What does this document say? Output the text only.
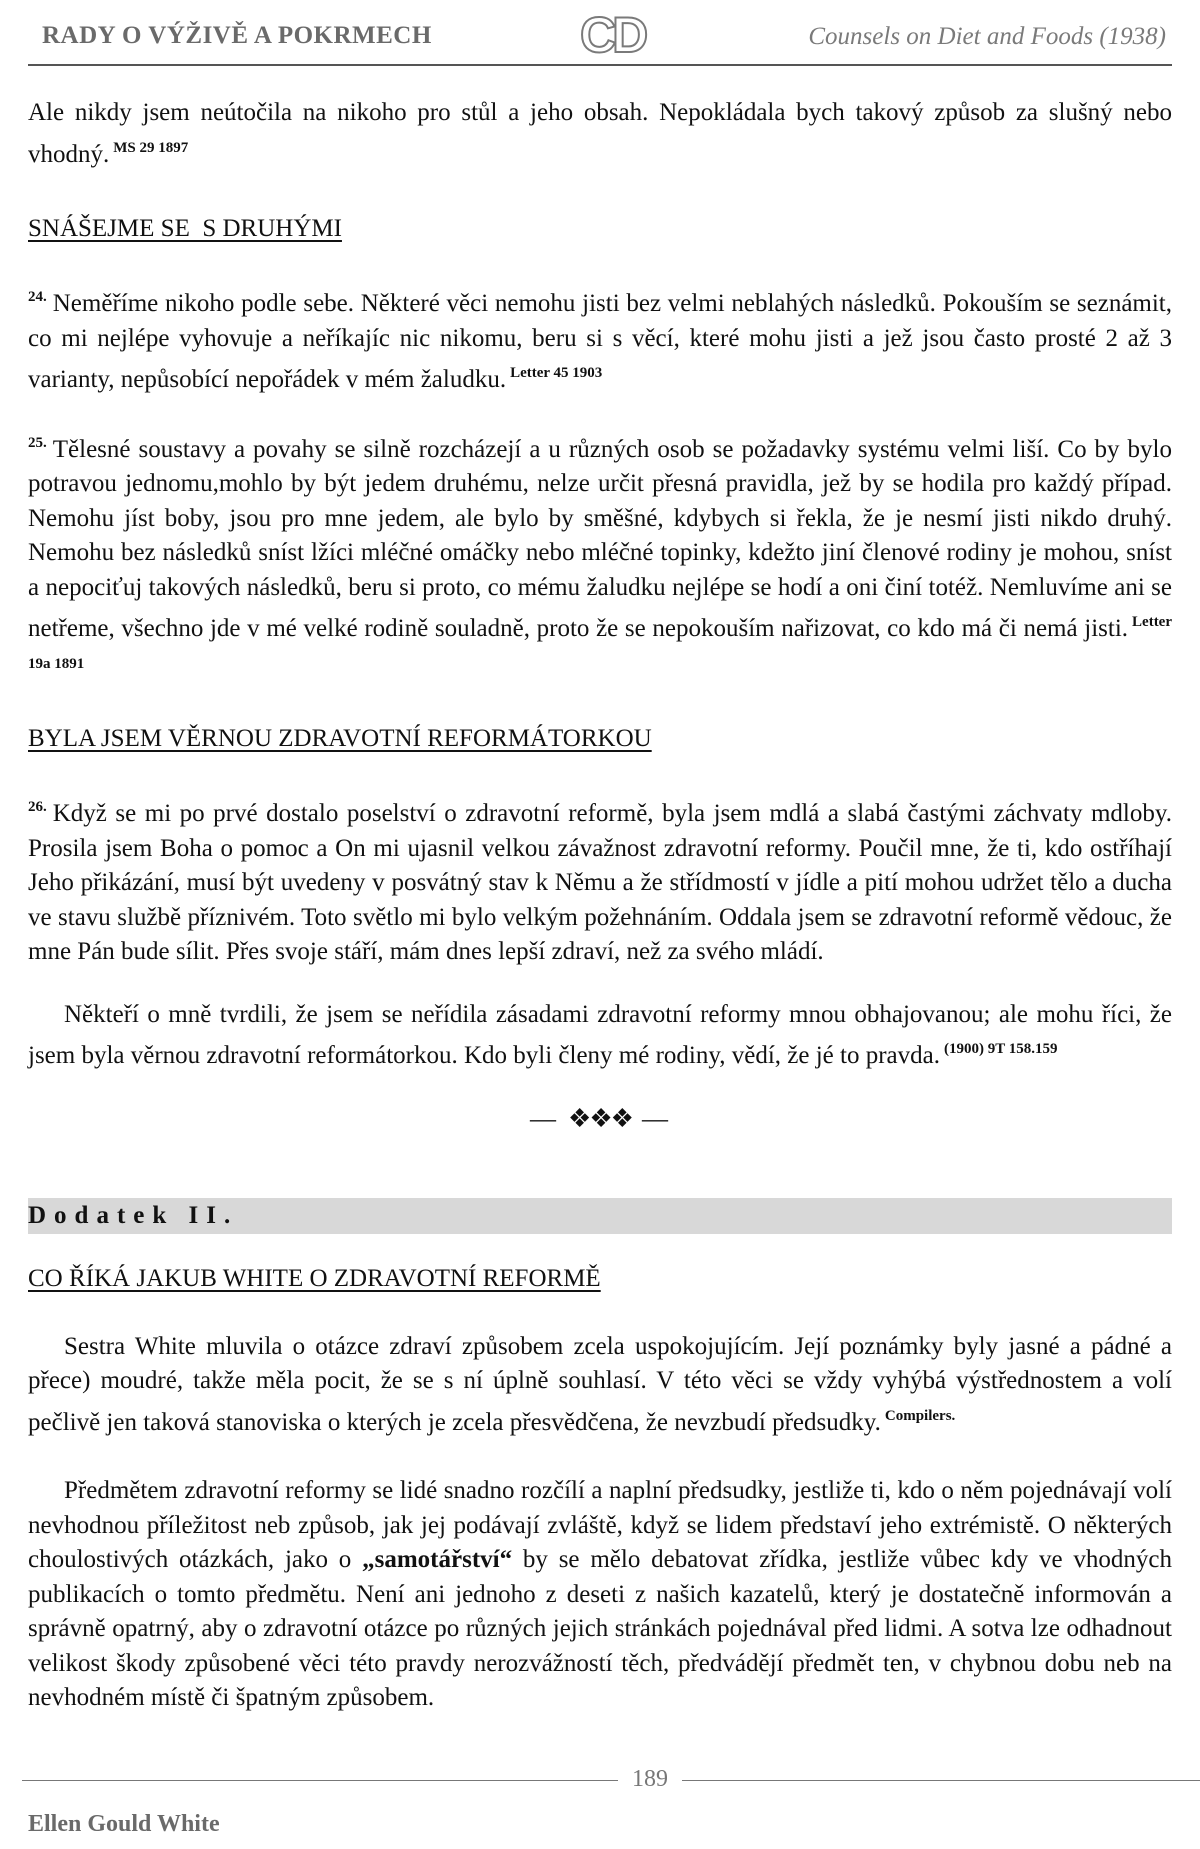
RADY O VÝŽIVĚ A POKRMECH	CD	Counsels on Diet and Foods (1938)

Ale nikdy jsem neútočila na nikoho pro stůl a jeho obsah. Nepokládala bych takový způsob za slušný nebo vhodný. $^{MS 29 1897}$

SNÁŠEJME SE  S DRUHÝMI

$^{24.}$ Neměříme nikoho podle sebe. Některé věci nemohu jisti bez velmi neblahých následků. Pokouším se seznámit, co mi nejlépe vyhovuje a neříkajíc nic nikomu, beru si s věcí, které mohu jisti a jež jsou často prosté 2 až 3 varianty, nepůsobící nepořádek v mém žaludku. $^{Letter 45 1903}$

$^{25.}$ Tělesné soustavy a povahy se silně rozcházejí a u různých osob se požadavky systému velmi liší. Co by bylo potravou jednomu,mohlo by být jedem druhému, nelze určit přesná pravidla, jež by se hodila pro každý případ. Nemohu jíst boby, jsou pro mne jedem, ale bylo by směšné, kdybych si řekla, že je nesmí jisti nikdo druhý. Nemohu bez následků sníst lžíci mléčné omáčky nebo mléčné topinky, kdežto jiní členové rodiny je mohou, sníst a nepociťuj takových následků, beru si proto, co mému žaludku nejlépe se hodí a oni činí totéž. Nemluvíme ani se netřeme, všechno jde v mé velké rodině souladně, proto že se nepokouším nařizovat, co kdo má či nemá jisti. $^{Letter 19a 1891}$

BYLA JSEM VĚRNOU ZDRAVOTNÍ REFORMÁTORKOU

$^{26.}$ Když se mi po prvé dostalo poselství o zdravotní reformě, byla jsem mdlá a slabá častými záchvaty mdloby. Prosila jsem Boha o pomoc a On mi ujasnil velkou závažnost zdravotní reformy. Poučil mne, že ti, kdo ostříhají Jeho přikázání, musí být uvedeny v posvátný stav k Němu a že střídmostí v jídle a pití mohou udržet tělo a ducha ve stavu službě příznivém. Toto světlo mi bylo velkým požehnáním. Oddala jsem se zdravotní reformě vědouc, že mne Pán bude sílit. Přes svoje stáří, mám dnes lepší zdraví, než za svého mládí.

Někteří o mně tvrdili, že jsem se neřídila zásadami zdravotní reformy mnou obhajovanou; ale mohu říci, že jsem byla věrnou zdravotní reformátorkou. Kdo byli členy mé rodiny, vědí, že jé to pravda. $^{(1900) 9T 158.159}$

— ❖❖❖ —
Dodatek II.

CO ŘÍKÁ JAKUB WHITE O ZDRAVOTNÍ REFORMĚ

Sestra White mluvila o otázce zdraví způsobem zcela uspokojujícím. Její poznámky byly jasné a pádné a přece) moudré, takže měla pocit, že se s ní úplně souhlasí. V této věci se vždy vyhýbá výstřednostem a volí pečlivě jen taková stanoviska o kterých je zcela přesvědčena, že nevzbudí předsudky. $^{Compilers.}$

Předmětem zdravotní reformy se lidé snadno rozčílí a naplní předsudky, jestliže ti, kdo o něm pojednávají volí nevhodnou příležitost neb způsob, jak jej podávají zvláště, když se lidem představí jeho extrémistě. O některých choulostivých otázkách, jako o „samotářství“ by se mělo debatovat zřídka, jestliže vůbec kdy ve vhodných publikacích o tomto předmětu. Není ani jednoho z deseti z našich kazatelů, který je dostatečně informován a správně opatrný, aby o zdravotní otázce po různých jejich stránkách pojednával před lidmi. A sotva lze odhadnout velikost škody způsobené věci této pravdy nerozvážností těch, předvádějí předmět ten, v chybnou dobu neb na nevhodném místě či špatným způsobem.

189
Ellen Gould White
